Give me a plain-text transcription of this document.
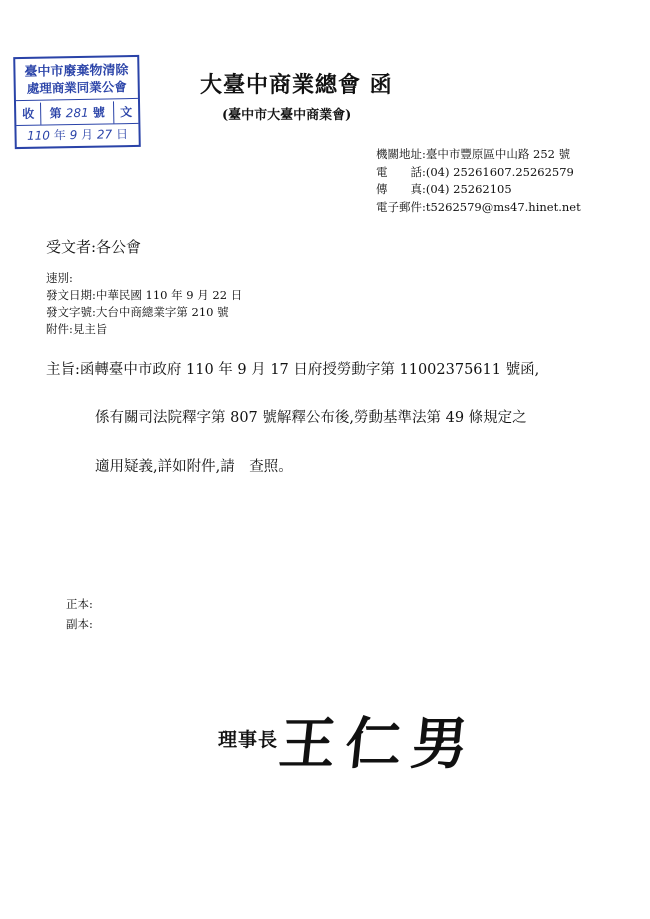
臺中市廢棄物清除
處理商業同業公會
收	第 281 號	文
110 年 9 月 27 日
大臺中商業總會 函
(臺中市大臺中商業會)
機關地址:臺中市豐原區中山路 252 號
電　　話:(04) 25261607.25262579
傳　　真:(04) 25262105
電子郵件:t5262579@ms47.hinet.net
受文者:各公會
速別:
發文日期:中華民國 110 年 9 月 22 日
發文字號:大台中商總業字第 210 號
附件:見主旨
主旨:函轉臺中市政府 110 年 9 月 17 日府授勞動字第 11002375611 號函,
係有關司法院釋字第 807 號解釋公布後,勞動基準法第 49 條規定之
適用疑義,詳如附件,請　查照。
正本:
副本:
理事長
王仁男
